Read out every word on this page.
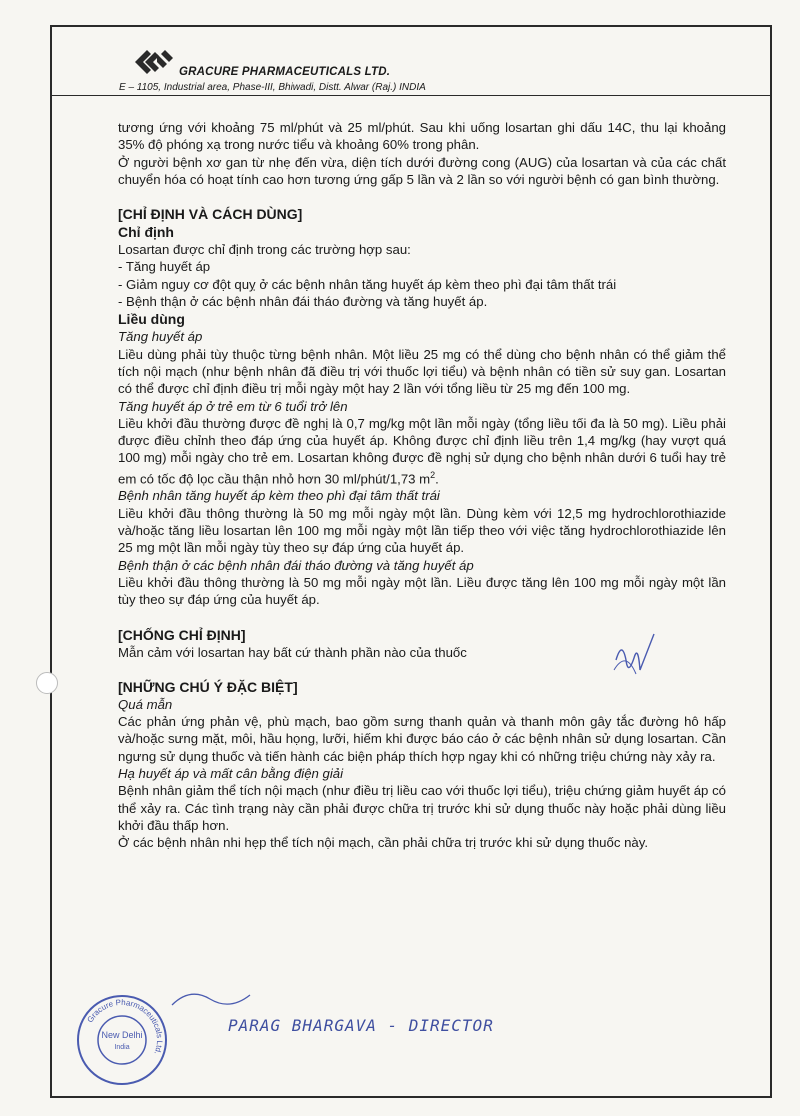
GRACURE PHARMACEUTICALS LTD.
E – 1105, Industrial area, Phase-III, Bhiwadi, Distt. Alwar (Raj.) INDIA

tương ứng với khoảng 75 ml/phút và 25 ml/phút. Sau khi uống losartan ghi dấu 14C, thu lại khoảng 35% độ phóng xạ trong nước tiểu và khoảng 60% trong phân.

Ở người bệnh xơ gan từ nhẹ đến vừa, diện tích dưới đường cong (AUG) của losartan và của các chất chuyển hóa có hoạt tính cao hơn tương ứng gấp 5 lần và 2 lần so với người bệnh có gan bình thường.

[CHỈ ĐỊNH VÀ CÁCH DÙNG]

Chỉ định

Losartan được chỉ định trong các trường hợp sau:

- Tăng huyết áp

- Giảm nguy cơ đột quỵ ở các bệnh nhân tăng huyết áp kèm theo phì đại tâm thất trái

- Bệnh thận ở các bệnh nhân đái tháo đường và tăng huyết áp.

Liều dùng

Tăng huyết áp

Liều dùng phải tùy thuộc từng bệnh nhân. Một liều 25 mg có thể dùng cho bệnh nhân có thể giảm thể tích nội mạch (như bệnh nhân đã điều trị với thuốc lợi tiểu) và bệnh nhân có tiền sử suy gan. Losartan có thể được chỉ định điều trị mỗi ngày một hay 2 lần với tổng liều từ 25 mg đến 100 mg.

Tăng huyết áp ở trẻ em từ 6 tuổi trở lên

Liều khởi đầu thường được đề nghị là 0,7 mg/kg một lần mỗi ngày (tổng liều tối đa là 50 mg). Liều phải được điều chỉnh theo đáp ứng của huyết áp. Không được chỉ định liều trên 1,4 mg/kg (hay vượt quá 100 mg) mỗi ngày cho trẻ em. Losartan không được đề nghị sử dụng cho bệnh nhân dưới 6 tuổi hay trẻ em có tốc độ lọc cầu thận nhỏ hơn 30 ml/phút/1,73 $m^2$.

Bệnh nhân tăng huyết áp kèm theo phì đại tâm thất trái

Liều khởi đầu thông thường là 50 mg mỗi ngày một lần. Dùng kèm với 12,5 mg hydrochlorothiazide và/hoặc tăng liều losartan lên 100 mg mỗi ngày một lần tiếp theo với việc tăng hydrochlorothiazide lên 25 mg một lần mỗi ngày tùy theo sự đáp ứng của huyết áp.

Bệnh thận ở các bệnh nhân đái tháo đường và tăng huyết áp

Liều khởi đầu thông thường là 50 mg mỗi ngày một lần. Liều được tăng lên 100 mg mỗi ngày một lần tùy theo sự đáp ứng của huyết áp.

[CHỐNG CHỈ ĐỊNH]

Mẫn cảm với losartan hay bất cứ thành phần nào của thuốc

[NHỮNG CHÚ Ý ĐẶC BIỆT]

Quá mẫn

Các phản ứng phản vệ, phù mạch, bao gồm sưng thanh quản và thanh môn gây tắc đường hô hấp và/hoặc sưng mặt, môi, hầu họng, lưỡi, hiếm khi được báo cáo ở các bệnh nhân sử dụng losartan. Cần ngưng sử dụng thuốc và tiến hành các biện pháp thích hợp ngay khi có những triệu chứng này xảy ra.

Hạ huyết áp và mất cân bằng điện giải

Bệnh nhân giảm thể tích nội mạch (như điều trị liều cao với thuốc lợi tiểu), triệu chứng giảm huyết áp có thể xảy ra. Các tình trạng này cần phải được chữa trị trước khi sử dụng thuốc này hoặc phải dùng liều khởi đầu thấp hơn.

Ở các bệnh nhân nhi hẹp thể tích nội mạch, cần phải chữa trị trước khi sử dụng thuốc này.

New Delhi
India
Gracure Pharmaceuticals Ltd.
PARAG BHARGAVA - DIRECTOR
